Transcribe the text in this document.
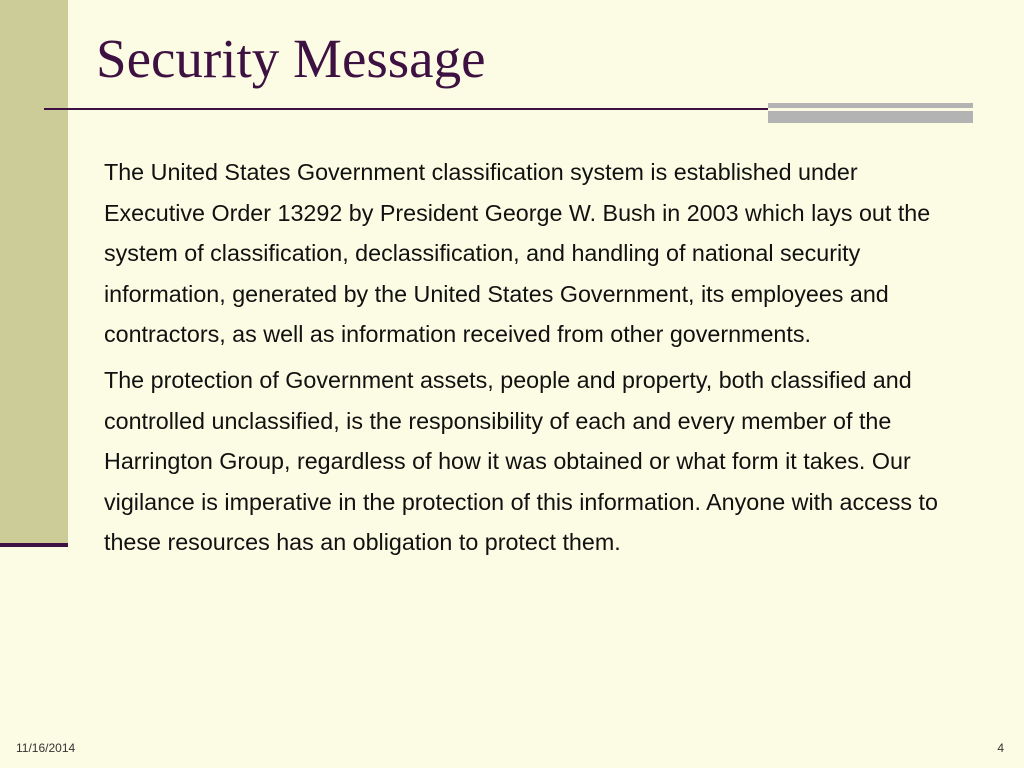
Security Message

The United States Government classification system is established under Executive Order 13292 by President George W. Bush in 2003 which lays out the system of classification, declassification, and handling of national security information, generated by the United States Government, its employees and contractors, as well as information received from other governments.

The protection of Government assets, people and property, both classified and controlled unclassified, is the responsibility of each and every member of the Harrington Group, regardless of how it was obtained or what form it takes. Our vigilance is imperative in the protection of this information. Anyone with access to these resources has an obligation to protect them.

11/16/2014	4
